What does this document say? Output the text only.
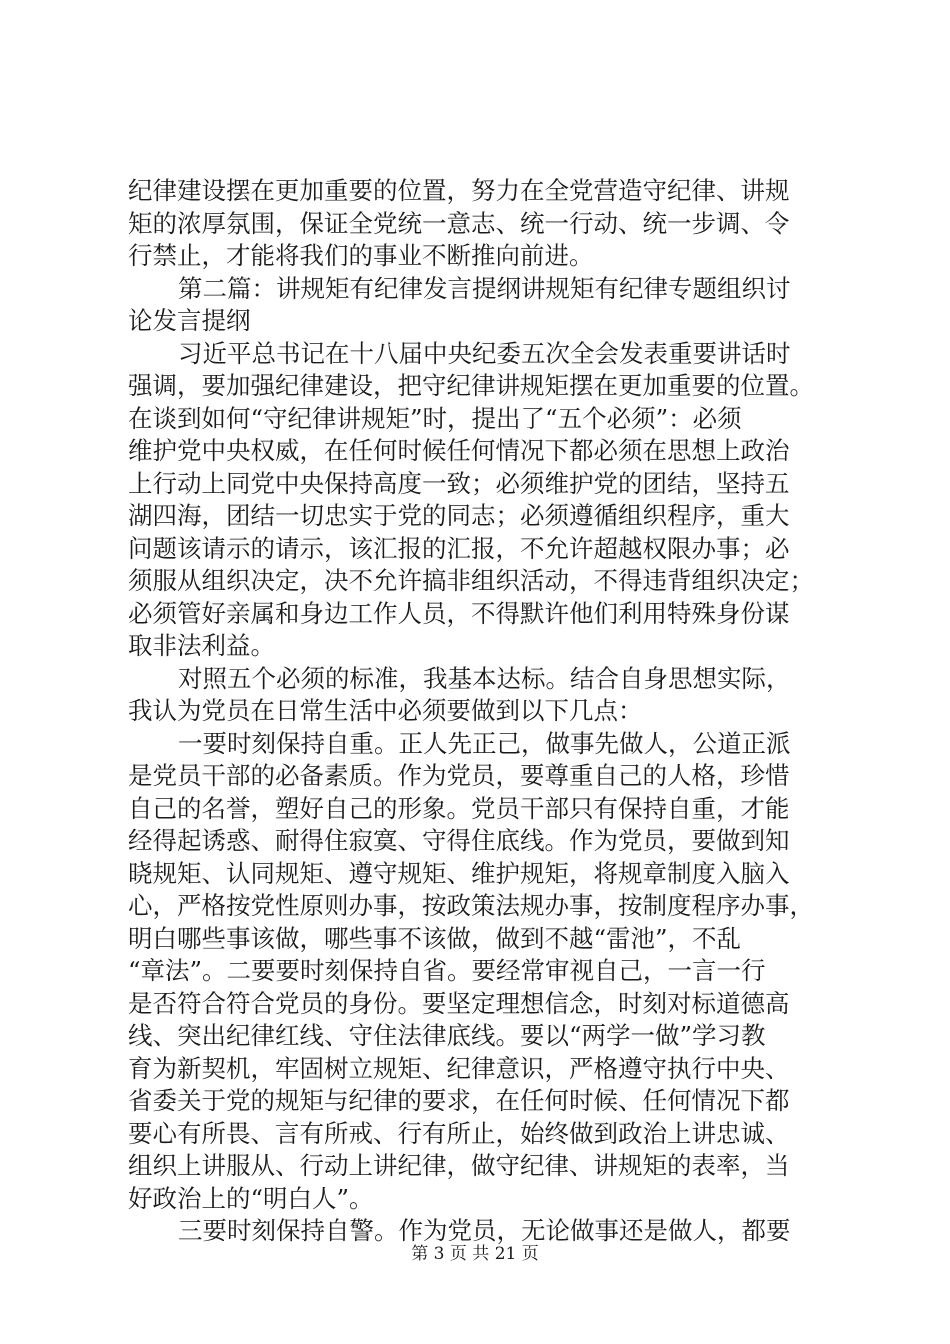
纪律建设摆在更加重要的位置，努力在全党营造守纪律、讲规
矩的浓厚氛围，保证全党统一意志、统一行动、统一步调、令
行禁止，才能将我们的事业不断推向前进。
第二篇：讲规矩有纪律发言提纲讲规矩有纪律专题组织讨
论发言提纲
习近平总书记在十八届中央纪委五次全会发表重要讲话时
强调，要加强纪律建设，把守纪律讲规矩摆在更加重要的位置。
在谈到如何“守纪律讲规矩”时，提出了“五个必须”：必须
维护党中央权威，在任何时候任何情况下都必须在思想上政治
上行动上同党中央保持高度一致；必须维护党的团结，坚持五
湖四海，团结一切忠实于党的同志；必须遵循组织程序，重大
问题该请示的请示，该汇报的汇报，不允许超越权限办事；必
须服从组织决定，决不允许搞非组织活动，不得违背组织决定；
必须管好亲属和身边工作人员，不得默许他们利用特殊身份谋
取非法利益。
对照五个必须的标准，我基本达标。结合自身思想实际，
我认为党员在日常生活中必须要做到以下几点：
一要时刻保持自重。正人先正己，做事先做人，公道正派
是党员干部的必备素质。作为党员，要尊重自己的人格，珍惜
自己的名誉，塑好自己的形象。党员干部只有保持自重，才能
经得起诱惑、耐得住寂寞、守得住底线。作为党员，要做到知
晓规矩、认同规矩、遵守规矩、维护规矩，将规章制度入脑入
心，严格按党性原则办事，按政策法规办事，按制度程序办事，
明白哪些事该做，哪些事不该做，做到不越“雷池”，不乱
“章法”。二要要时刻保持自省。要经常审视自己，一言一行
是否符合符合党员的身份。要坚定理想信念，时刻对标道德高
线、突出纪律红线、守住法律底线。要以“两学一做”学习教
育为新契机，牢固树立规矩、纪律意识，严格遵守执行中央、
省委关于党的规矩与纪律的要求，在任何时候、任何情况下都
要心有所畏、言有所戒、行有所止，始终做到政治上讲忠诚、
组织上讲服从、行动上讲纪律，做守纪律、讲规矩的表率，当
好政治上的“明白人”。
三要时刻保持自警。作为党员，无论做事还是做人，都要
第 3 页 共 21 页
